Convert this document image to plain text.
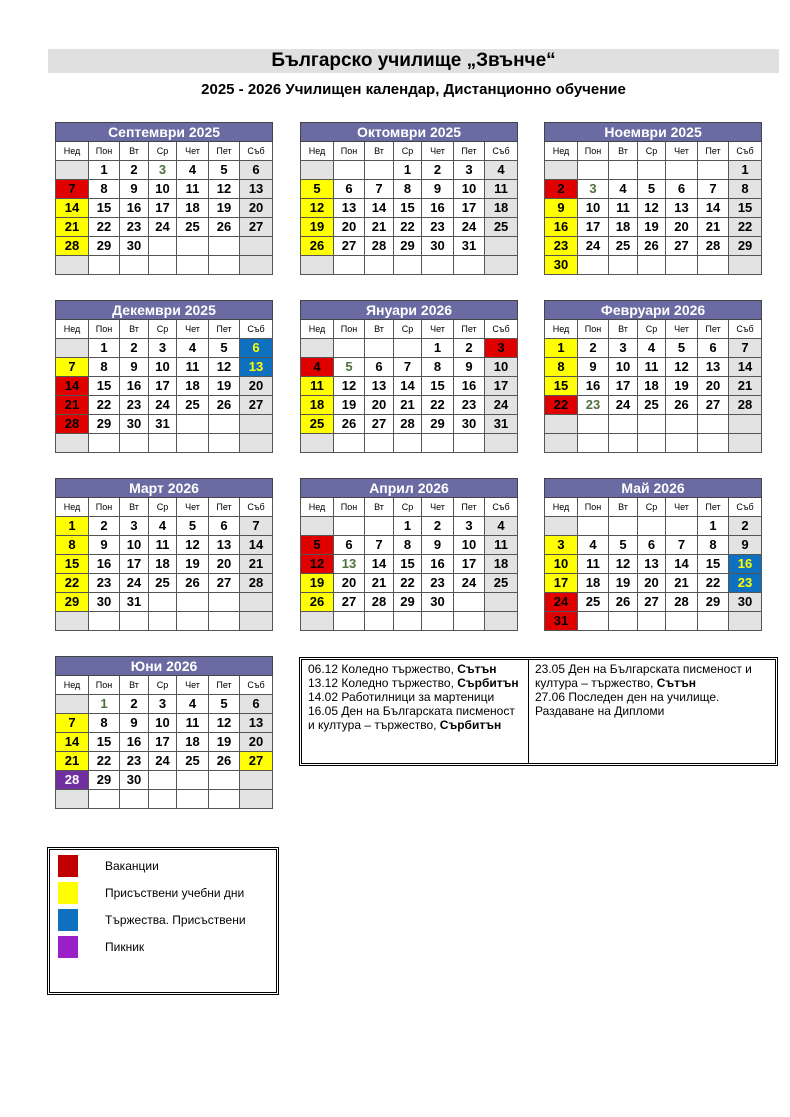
Българско училище „Звънче“
2025 - 2026 Училищен календар, Дистанционно обучение
Септември 2025						
Нед	Пон	Вт	Ср	Чет	Пет	Съб
	1	2	3	4	5	6
7	8	9	10	11	12	13
14	15	16	17	18	19	20
21	22	23	24	25	26	27
28	29	30				

Октомври 2025						
Нед	Пон	Вт	Ср	Чет	Пет	Съб
			1	2	3	4
5	6	7	8	9	10	11
12	13	14	15	16	17	18
19	20	21	22	23	24	25
26	27	28	29	30	31	

Ноември 2025						
Нед	Пон	Вт	Ср	Чет	Пет	Съб
						1
2	3	4	5	6	7	8
9	10	11	12	13	14	15
16	17	18	19	20	21	22
23	24	25	26	27	28	29
30						
Декември 2025						
Нед	Пон	Вт	Ср	Чет	Пет	Съб
	1	2	3	4	5	6
7	8	9	10	11	12	13
14	15	16	17	18	19	20
21	22	23	24	25	26	27
28	29	30	31			

Януари 2026						
Нед	Пон	Вт	Ср	Чет	Пет	Съб
				1	2	3
4	5	6	7	8	9	10
11	12	13	14	15	16	17
18	19	20	21	22	23	24
25	26	27	28	29	30	31

Февруари 2026						
Нед	Пон	Вт	Ср	Чет	Пет	Съб
1	2	3	4	5	6	7
8	9	10	11	12	13	14
15	16	17	18	19	20	21
22	23	24	25	26	27	28

Март 2026						
Нед	Пон	Вт	Ср	Чет	Пет	Съб
1	2	3	4	5	6	7
8	9	10	11	12	13	14
15	16	17	18	19	20	21
22	23	24	25	26	27	28
29	30	31				

Април 2026						
Нед	Пон	Вт	Ср	Чет	Пет	Съб
			1	2	3	4
5	6	7	8	9	10	11
12	13	14	15	16	17	18
19	20	21	22	23	24	25
26	27	28	29	30		

Май 2026						
Нед	Пон	Вт	Ср	Чет	Пет	Съб
					1	2
3	4	5	6	7	8	9
10	11	12	13	14	15	16
17	18	19	20	21	22	23
24	25	26	27	28	29	30
31						
Юни 2026						
Нед	Пон	Вт	Ср	Чет	Пет	Съб
	1	2	3	4	5	6
7	8	9	10	11	12	13
14	15	16	17	18	19	20
21	22	23	24	25	26	27
28	29	30				

06.12 Коледно тържество, Сътън
13.12 Коледно тържество, Сърбитън
14.02 Работилници за мартеници
16.05 Ден на Българската писменост и култура – тържество, Сърбитън
23.05 Ден на Българската писменост и култура – тържество, Сътън
27.06 Последен ден на училище. Раздаване на Дипломи
Ваканции
Присъствени учебни дни
Тържества. Присъствени
Пикник
